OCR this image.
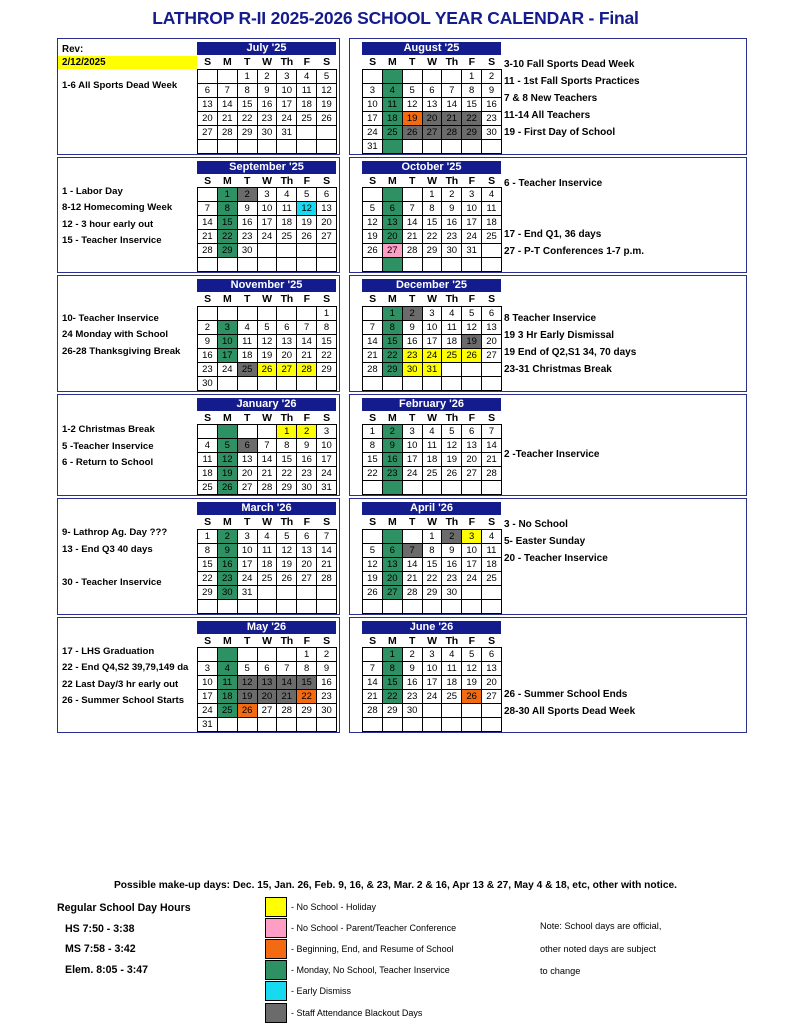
LATHROP R-II 2025-2026 SCHOOL YEAR CALENDAR - Final
Rev:
2/12/2025
1-6 All Sports Dead Week
July '25
S	M	T	W	Th	F	S
		1	2	3	4	5
6	7	8	9	10	11	12
13	14	15	16	17	18	19
20	21	22	23	24	25	26
27	28	29	30	31		

August '25
S	M	T	W	Th	F	S
					1	2
3	4	5	6	7	8	9
10	11	12	13	14	15	16
17	18	19	20	21	22	23
24	25	26	27	28	29	30
31						
3-10 Fall Sports Dead Week
11 - 1st Fall Sports Practices
7 & 8 New Teachers
11-14 All Teachers
19 - First Day of School
1 - Labor Day
8-12 Homecoming Week
12 - 3 hour early out
15 - Teacher Inservice
September '25
S	M	T	W	Th	F	S
	1	2	3	4	5	6
7	8	9	10	11	12	13
14	15	16	17	18	19	20
21	22	23	24	25	26	27
28	29	30				

October '25
S	M	T	W	Th	F	S
			1	2	3	4
5	6	7	8	9	10	11
12	13	14	15	16	17	18
19	20	21	22	23	24	25
26	27	28	29	30	31	

6 - Teacher Inservice
17 - End Q1, 36 days
27 - P-T Conferences 1-7 p.m.
10- Teacher Inservice
24 Monday with School
26-28 Thanksgiving Break
November '25
S	M	T	W	Th	F	S
						1
2	3	4	5	6	7	8
9	10	11	12	13	14	15
16	17	18	19	20	21	22
23	24	25	26	27	28	29
30						
December '25
S	M	T	W	Th	F	S
	1	2	3	4	5	6
7	8	9	10	11	12	13
14	15	16	17	18	19	20
21	22	23	24	25	26	27
28	29	30	31			

8 Teacher Inservice
19 3 Hr Early Dismissal
19 End of Q2,S1 34, 70 days
23-31 Christmas Break
1-2 Christmas Break
5 -Teacher Inservice
6 - Return to School
January '26
S	M	T	W	Th	F	S
				1	2	3
4	5	6	7	8	9	10
11	12	13	14	15	16	17
18	19	20	21	22	23	24
25	26	27	28	29	30	31
February '26
S	M	T	W	Th	F	S
1	2	3	4	5	6	7
8	9	10	11	12	13	14
15	16	17	18	19	20	21
22	23	24	25	26	27	28

2 -Teacher Inservice
9- Lathrop Ag. Day ???
13 - End Q3 40 days
30 - Teacher Inservice
March '26
S	M	T	W	Th	F	S
1	2	3	4	5	6	7
8	9	10	11	12	13	14
15	16	17	18	19	20	21
22	23	24	25	26	27	28
29	30	31				

April '26
S	M	T	W	Th	F	S
			1	2	3	4
5	6	7	8	9	10	11
12	13	14	15	16	17	18
19	20	21	22	23	24	25
26	27	28	29	30		

3 - No School
5- Easter Sunday
20 - Teacher Inservice
17 - LHS Graduation
22 - End Q4,S2 39,79,149 da
22 Last Day/3 hr early out
26 - Summer School Starts
May '26
S	M	T	W	Th	F	S
					1	2
3	4	5	6	7	8	9
10	11	12	13	14	15	16
17	18	19	20	21	22	23
24	25	26	27	28	29	30
31						
June '26
S	M	T	W	Th	F	S
	1	2	3	4	5	6
7	8	9	10	11	12	13
14	15	16	17	18	19	20
21	22	23	24	25	26	27
28	29	30				

26 - Summer School Ends
28-30 All Sports Dead Week
Possible make-up days: Dec. 15, Jan. 26, Feb. 9, 16, & 23, Mar. 2 & 16, Apr 13 & 27, May 4 & 18, etc, other with notice.
Regular School Day Hours
HS 7:50 - 3:38
MS 7:58 - 3:42
Elem. 8:05 - 3:47
- No School - Holiday
- No School - Parent/Teacher Conference
- Beginning, End, and Resume of School
- Monday, No School, Teacher Inservice
- Early Dismiss
- Staff Attendance Blackout Days
Note: School days are official,
other noted days are subject
to change
